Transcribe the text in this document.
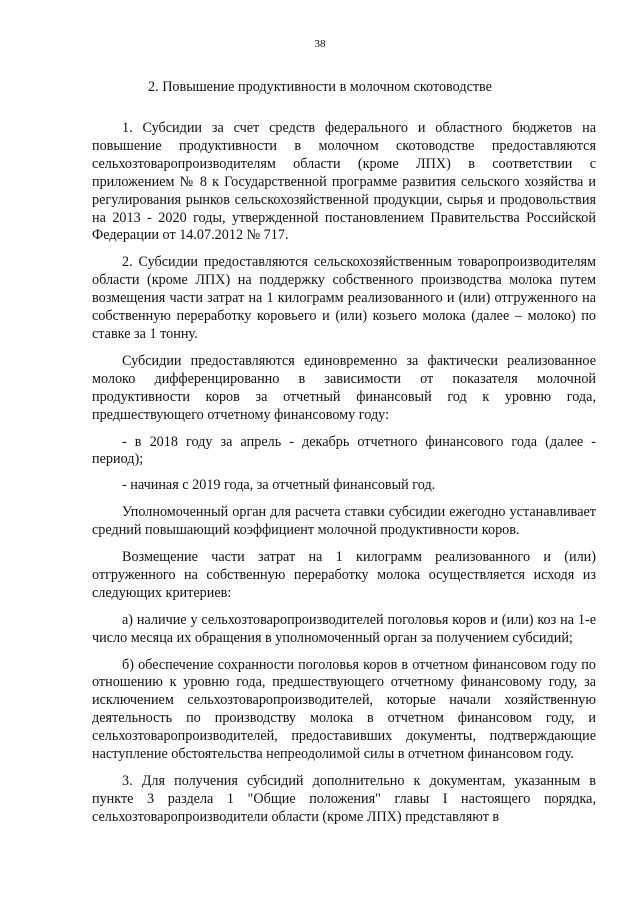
38
2. Повышение продуктивности в молочном скотоводстве

1. Субсидии за счет средств федерального и областного бюджетов на повышение продуктивности в молочном скотоводстве предоставляются сельхозтоваропроизводителям области (кроме ЛПХ) в соответствии с приложением № 8 к Государственной программе развития сельского хозяйства и регулирования рынков сельскохозяйственной продукции, сырья и продовольствия на 2013 - 2020 годы, утвержденной постановлением Правительства Российской Федерации от 14.07.2012 № 717.

2. Субсидии предоставляются сельскохозяйственным товаропроизводителям области (кроме ЛПХ) на поддержку собственного производства молока путем возмещения части затрат на 1 килограмм реализованного и (или) отгруженного на собственную переработку коровьего и (или) козьего молока (далее – молоко) по ставке за 1 тонну.

Субсидии предоставляются единовременно за фактически реализованное молоко дифференцированно в зависимости от показателя молочной продуктивности коров за отчетный финансовый год к уровню года, предшествующего отчетному финансовому году:

- в 2018 году за апрель - декабрь отчетного финансового года (далее - период);

- начиная с 2019 года, за отчетный финансовый год.

Уполномоченный орган для расчета ставки субсидии ежегодно устанавливает средний повышающий коэффициент молочной продуктивности коров.

Возмещение части затрат на 1 килограмм реализованного и (или) отгруженного на собственную переработку молока осуществляется исходя из следующих критериев:

а) наличие у сельхозтоваропроизводителей поголовья коров и (или) коз на 1-е число месяца их обращения в уполномоченный орган за получением субсидий;

б) обеспечение сохранности поголовья коров в отчетном финансовом году по отношению к уровню года, предшествующего отчетному финансовому году, за исключением сельхозтоваропроизводителей, которые начали хозяйственную деятельность по производству молока в отчетном финансовом году, и сельхозтоваропроизводителей, предоставивших документы, подтверждающие наступление обстоятельства непреодолимой силы в отчетном финансовом году.

3. Для получения субсидий дополнительно к документам, указанным в пункте 3 раздела 1 "Общие положения" главы I настоящего порядка, сельхозтоваропроизводители области (кроме ЛПХ) представляют в
